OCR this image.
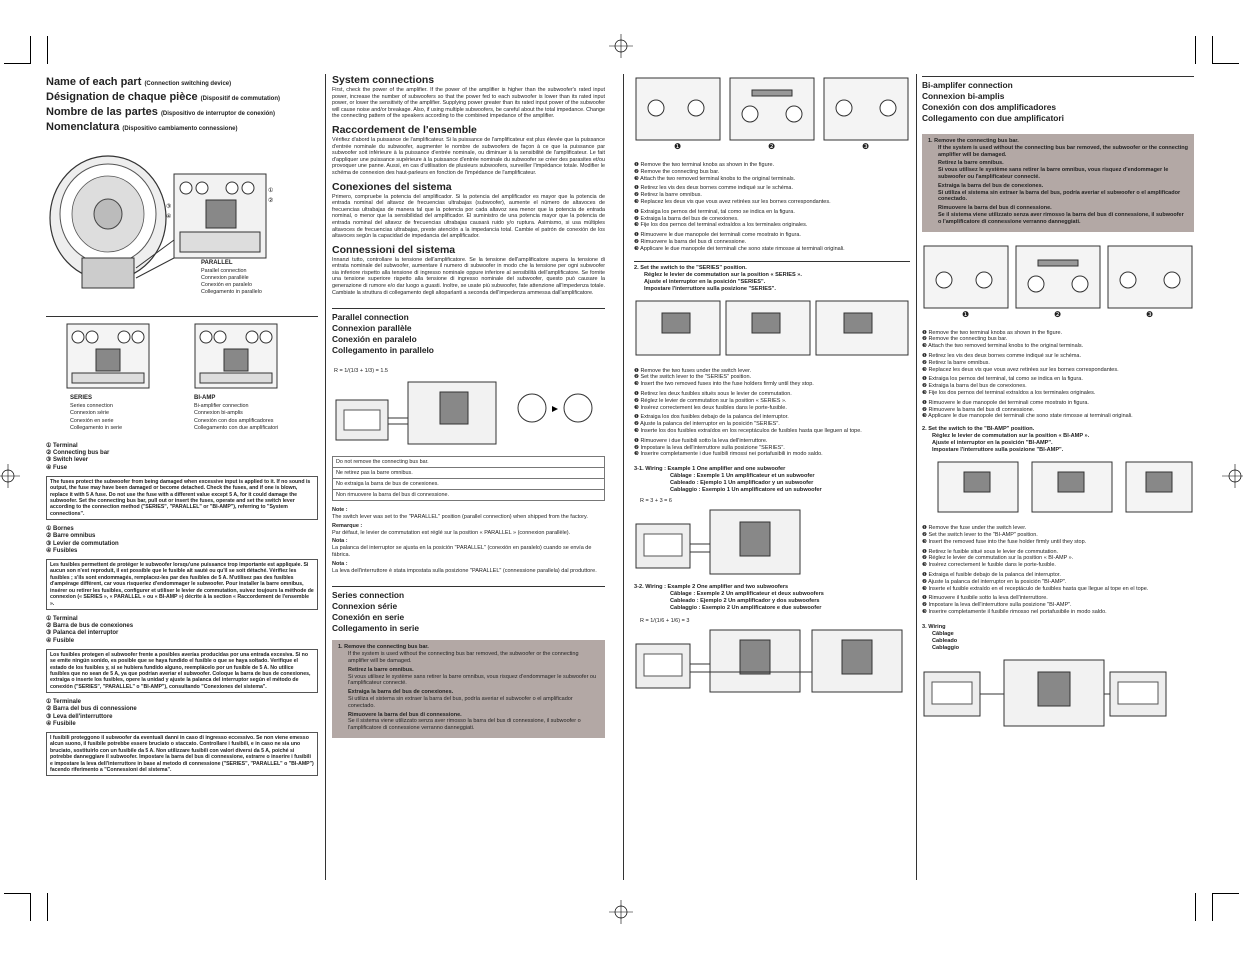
Name of each part (Connection switching device)

Désignation de chaque pièce (Dispositif de commutation)

Nombre de las partes (Dispositivo de interruptor de conexión)

Nomenclatura (Dispositivo cambiamento connessione)

①
②
③
④

PARALLEL

Parallel connection

Connexion parallèle

Conexión en paralelo

Collegamento in parallelo

SERIES

Series connection

Connexion série

Conexión en serie

Collegamento in serie

BI-AMP

Bi-amplifier connection

Connexion bi-amplis

Conexión con dos amplificadores

Collegamento con due amplificatori

① Terminal
② Connecting bus bar
③ Switch lever
④ Fuse
The fuses protect the subwoofer from being damaged when excessive input is applied to it. If no sound is output, the fuse may have been damaged or become detached. Check the fuses, and if one is blown, replace it with 5 A fuse. Do not use the fuse with a different value except 5 A, for it could damage the subwoofer. Set the connecting bus bar, pull out or insert the fuses, operate and set the switch lever according to the connection method ("SERIES", "PARALLEL" or "BI-AMP"), referring to "System connections".
① Bornes
② Barre omnibus
③ Levier de commutation
④ Fusibles
Les fusibles permettent de protéger le subwoofer lorsqu'une puissance trop importante est appliquée. Si aucun son n'est reproduit, il est possible que le fusible ait sauté ou qu'il se soit détaché. Vérifiez les fusibles ; s'ils sont endommagés, remplacez-les par des fusibles de 5 A. N'utilisez pas des fusibles d'ampérage différent, car vous risqueriez d'endommager le subwoofer. Pour installer la barre omnibus, insérer ou retirer les fusibles, configurer et utiliser le levier de commutation, suivez toujours la méthode de connexion (« SERIES », « PARALLEL » ou « BI-AMP ») décrite à la section « Raccordement de l'ensemble ».
① Terminal
② Barra de bus de conexiones
③ Palanca del interruptor
④ Fusible
Los fusibles protegen el subwoofer frente a posibles averías producidas por una entrada excesiva. Si no se emite ningún sonido, es posible que se haya fundido el fusible o que se haya soltado. Verifique el estado de los fusibles y, si se hubiera fundido alguno, reemplácelo por un fusible de 5 A. No utilice fusibles que no sean de 5 A, ya que podrían averiar el subwoofer. Coloque la barra de bus de conexiones, extraiga o inserte los fusibles, opere la unidad y ajuste la palanca del interruptor según el método de conexión ("SERIES", "PARALLEL" o "BI-AMP"), consultando "Conexiones del sistema".
① Terminale
② Barra del bus di connessione
③ Leva dell'interruttore
④ Fusibile
I fusibili proteggono il subwoofer da eventuali danni in caso di ingresso eccessivo. Se non viene emesso alcun suono, il fusibile potrebbe essere bruciato o staccato. Controllare i fusibili, e in caso ne sia uno bruciato, sostituirlo con un fusibile da 5 A. Non utilizzare fusibili con valori diversi da 5 A, poiché si potrebbe danneggiare il subwoofer. Impostare la barra del bus di connessione, estrarre o inserire i fusibili e impostare la leva dell'interruttore in base al metodo di connessione ("SERIES", "PARALLEL" o "BI-AMP") facendo riferimento a "Connessioni del sistema".

System connections

First, check the power of the amplifier. If the power of the amplifier is higher than the subwoofer's rated input power, increase the number of subwoofers so that the power fed to each subwoofer is lower than its rated input power, or lower the sensitivity of the amplifier. Supplying power greater than its rated input power of the subwoofer will cause noise and/or breakage. Also, if using multiple subwoofers, be careful about the total impedance. Change the connecting pattern of the speakers according to the combined impedance of the amplifier.

Raccordement de l'ensemble

Vérifiez d'abord la puissance de l'amplificateur. Si la puissance de l'amplificateur est plus élevée que la puissance d'entrée nominale du subwoofer, augmenter le nombre de subwoofers de façon à ce que la puissance par subwoofer soit inférieure à la puissance d'entrée nominale, ou diminuer à la sensibilité de l'amplificateur. Le fait d'appliquer une puissance supérieure à la puissance d'entrée nominale du subwoofer se créer des parasites et/ou provoquer une panne. Aussi, en cas d'utilisation de plusieurs subwoofers, surveiller l'impédance totale. Modifier le schéma de connexion des haut-parleurs en fonction de l'impédance de l'amplificateur.

Conexiones del sistema

Primero, compruebe la potencia del amplificador. Si la potencia del amplificador es mayor que la potencia de entrada nominal del altavoz de frecuencias ultrabajas (subwoofer), aumente el número de altavoces de frecuencias ultrabajas de manera tal que la potencia por cada altavoz sea menor que la potencia de entrada nominal, o menor que la sensibilidad del amplificador. El suministro de una potencia mayor que la potencia de entrada nominal del altavoz de frecuencias ultrabajas causará ruido y/o ruptura. Asimismo, si usa múltiples altavoces de frecuencias ultrabajas, preste atención a la impedancia total. Cambie el patrón de conexión de los altavoces según la capacidad de impedancia del amplificador.

Connessioni del sistema

Innanzi tutto, controllare la tensione dell'amplificatore. Se la tensione dell'amplificatore supera la tensione di entrata nominale del subwoofer, aumentare il numero di subwoofer in modo che la tensione per ogni subwoofer sia inferiore rispetto alla tensione di ingresso nominale oppure inferiore al sensibilità dell'amplificatore. Se fornite una tensione superiore rispetto alla tensione di ingresso nominale del subwoofer, questo può causare la generazione di rumore e/o dar luogo a guasti. Inoltre, se usate più subwoofer, fate attenzione all'impedenza totale. Cambiate la struttura di collegamento degli altoparlanti a seconda dell'impedenza ammessa dall'amplificatore.

Parallel connection

Connexion parallèle

Conexión en paralelo

Collegamento in parallelo

R = 1/(1/3 + 1/3) = 1.5
Do not remove the connecting bus bar.
Ne retirez pas la barre omnibus.
No extraiga la barra de bus de conexiones.
Non rimuovere la barra del bus di connessione.

Note :
The switch lever was set to the "PARALLEL" position (parallel connection) when shipped from the factory.

Remarque :
Par défaut, le levier de commutation est réglé sur la position « PARALLEL » (connexion parallèle).

Nota :
La palanca del interruptor se ajusta en la posición "PARALLEL" (conexión en paralelo) cuando se envía de fábrica.

Nota :
La leva dell'interruttore è stata impostata sulla posizione "PARALLEL" (connessione parallela) dal produttore.

Series connection

Connexion série

Conexión en serie

Collegamento in serie

1. Remove the connecting bus bar.
If the system is used without the connecting bus bar removed, the subwoofer or the connecting amplifier will be damaged.
Retirez la barre omnibus.
Si vous utilisez le système sans retirer la barre omnibus, vous risquez d'endommager le subwoofer ou l'amplificateur connecté.
Extraiga la barra del bus de conexiones.
Si utiliza el sistema sin extraer la barra del bus, podría averiar el subwoofer o el amplificador conectado.
Rimuovere la barra del bus di connessione.
Se il sistema viene utilizzato senza aver rimosso la barra del bus di connessione, il subwoofer o l'amplificatore di connessione verranno danneggiati.
❶	❷	❸

❶ Remove the two terminal knobs as shown in the figure.

❷ Remove the connecting bus bar.

❸ Attach the two removed terminal knobs to the original terminals.

❶ Retirez les vis des deux bornes comme indiqué sur le schéma.

❷ Retirez la barre omnibus.

❸ Replacez les deux vis que vous avez retirées sur les bornes correspondantes.

❶ Extraiga los pernos del terminal, tal como se indica en la figura.

❷ Extraiga la barra del bus de conexiones.

❸ Fije los dos pernos del terminal extraídos a los terminales originales.

❶ Rimuovere le due manopole dei terminali come mostrato in figura.

❷ Rimuovere la barra del bus di connessione.

❸ Applicare le due manopole dei terminali che sono state rimosse ai terminali originali.

2. Set the switch to the "SERIES" position.

Réglez le levier de commutation sur la position « SERIES ».

Ajuste el interruptor en la posición "SERIES".

Impostare l'interruttore sulla posizione "SERIES".

❶ Remove the two fuses under the switch lever.

❷ Set the switch lever to the "SERIES" position.

❸ Insert the two removed fuses into the fuse holders firmly until they stop.

❶ Retirez les deux fusibles situés sous le levier de commutation.

❷ Réglez le levier de commutation sur la position « SERIES ».

❸ Insérez correctement les deux fusibles dans le porte-fusible.

❶ Extraiga los dos fusibles debajo de la palanca del interruptor.

❷ Ajuste la palanca del interruptor en la posición "SERIES".

❸ Inserte los dos fusibles extraídos en los receptáculos de fusibles hasta que lleguen al tope.

❶ Rimuovere i due fusibili sotto la leva dell'interruttore.

❷ Impostare la leva dell'interruttore sulla posizione "SERIES".

❸ Inserire completamente i due fusibili rimossi nei portafusibili in modo saldo.

3-1. Wiring : Example 1 One amplifier and one subwoofer

Câblage : Exemple 1 Un amplificateur et un subwoofer

Cableado : Ejemplo 1 Un amplificador y un subwoofer

Cablaggio : Esempio 1 Un amplificatore ed un subwoofer

R = 3 + 3 = 6

3-2. Wiring : Example 2 One amplifier and two subwoofers

Câblage : Exemple 2 Un amplificateur et deux subwoofers

Cableado : Ejemplo 2 Un amplificador y dos subwoofers

Cablaggio : Esempio 2 Un amplificatore e due subwoofer

R = 1/(1/6 + 1/6) = 3

Bi-amplifer connection

Connexion bi-amplis

Conexión con dos amplificadores

Collegamento con due amplificatori

1. Remove the connecting bus bar.
If the system is used without the connecting bus bar removed, the subwoofer or the connecting amplifier will be damaged.
Retirez la barre omnibus.
Si vous utilisez le système sans retirer la barre omnibus, vous risquez d'endommager le subwoofer ou l'amplificateur connecté.
Extraiga la barra del bus de conexiones.
Si utiliza el sistema sin extraer la barra del bus, podría averiar el subwoofer o el amplificador conectado.
Rimuovere la barra del bus di connessione.
Se il sistema viene utilizzato senza aver rimosso la barra del bus di connessione, il subwoofer o l'amplificatore di connessione verranno danneggiati.
❶	❷	❸

❶ Remove the two terminal knobs as shown in the figure.

❷ Remove the connecting bus bar.

❸ Attach the two removed terminal knobs to the original terminals.

❶ Retirez les vis des deux bornes comme indiqué sur le schéma.

❷ Retirez la barre omnibus.

❸ Replacez les deux vis que vous avez retirées sur les bornes correspondantes.

❶ Extraiga los pernos del terminal, tal como se indica en la figura.

❷ Extraiga la barra del bus de conexiones.

❸ Fije los dos pernos del terminal extraídos a los terminales originales.

❶ Rimuovere le due manopole dei terminali come mostrato in figura.

❷ Rimuovere la barra del bus di connessione.

❸ Applicare le due manopole dei terminali che sono state rimosse ai terminali originali.

2. Set the switch to the "BI-AMP" position.

Réglez le levier de commutation sur la position « BI-AMP ».

Ajuste el interruptor en la posición "BI-AMP".

Impostare l'interruttore sulla posizione "BI-AMP".

❶ Remove the fuse under the switch lever.

❷ Set the switch lever to the "BI-AMP" position.

❸ Insert the removed fuse into the fuse holder firmly until they stop.

❶ Retirez le fusible situé sous le levier de commutation.

❷ Réglez le levier de commutation sur la position « BI-AMP ».

❸ Insérez correctement le fusible dans le porte-fusible.

❶ Extraiga el fusible debajo de la palanca del interruptor.

❷ Ajuste la palanca del interruptor en la posición "BI-AMP".

❸ Inserte el fusible extraído en el receptáculo de fusibles hasta que llegue al tope en el tope.

❶ Rimuovere il fusibile sotto la leva dell'interruttore.

❷ Impostare la leva dell'interruttore sulla posizione "BI-AMP".

❸ Inserire completamente il fusibile rimosso nel portafusibile in modo saldo.

3. Wiring

Câblage

Cableado

Cablaggio
